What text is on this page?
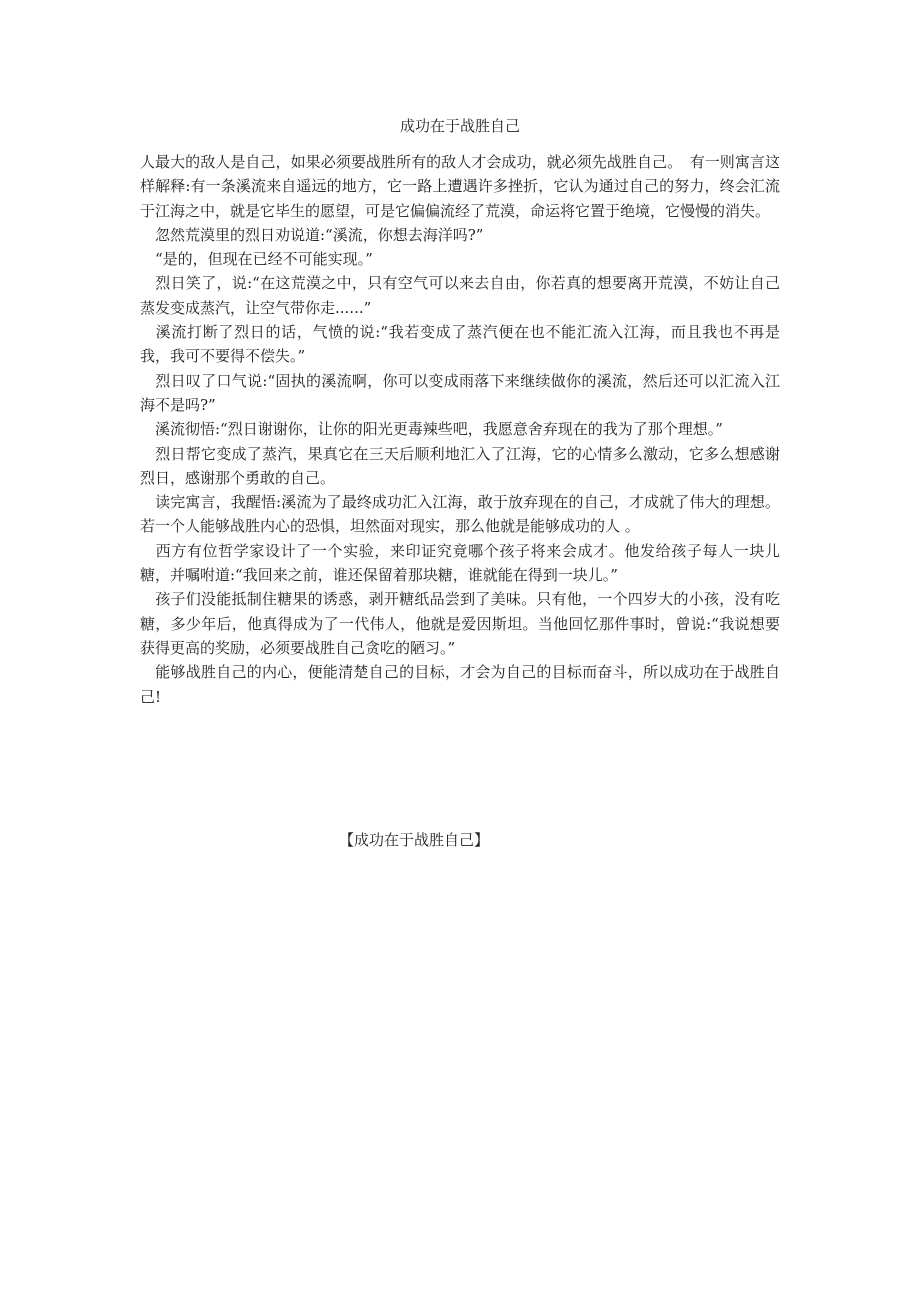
成功在于战胜自己

人最大的敌人是自己，如果必须要战胜所有的敌人才会成功，就必须先战胜自己。　有一则寓言这样解释:有一条溪流来自遥远的地方，它一路上遭遇许多挫折，它认为通过自己的努力，终会汇流于江海之中，就是它毕生的愿望，可是它偏偏流经了荒漠，命运将它置于绝境，它慢慢的消失。

　忽然荒漠里的烈日劝说道:“溪流，你想去海洋吗?”

　“是的，但现在已经不可能实现。”

　烈日笑了，说:“在这荒漠之中，只有空气可以来去自由，你若真的想要离开荒漠，不妨让自己蒸发变成蒸汽，让空气带你走......”

　溪流打断了烈日的话，气愤的说:“我若变成了蒸汽便在也不能汇流入江海，而且我也不再是我，我可不要得不偿失。”

　烈日叹了口气说:“固执的溪流啊，你可以变成雨落下来继续做你的溪流，然后还可以汇流入江海不是吗?”

　溪流彻悟:“烈日谢谢你，让你的阳光更毒辣些吧，我愿意舍弃现在的我为了那个理想。”

　烈日帮它变成了蒸汽，果真它在三天后顺利地汇入了江海，它的心情多么激动，它多么想感谢烈日，感谢那个勇敢的自己。

　读完寓言，我醒悟:溪流为了最终成功汇入江海，敢于放弃现在的自己，才成就了伟大的理想。若一个人能够战胜内心的恐惧，坦然面对现实，那么他就是能够成功的人 。

　西方有位哲学家设计了一个实验，来印证究竟哪个孩子将来会成才。他发给孩子每人一块儿糖，并嘱咐道:“我回来之前，谁还保留着那块糖，谁就能在得到一块儿。”

　孩子们没能抵制住糖果的诱惑，剥开糖纸品尝到了美味。只有他，一个四岁大的小孩，没有吃糖，多少年后，他真得成为了一代伟人，他就是爱因斯坦。当他回忆那件事时，曾说:“我说想要获得更高的奖励，必须要战胜自己贪吃的陋习。”

　能够战胜自己的内心，便能清楚自己的目标，才会为自己的目标而奋斗，所以成功在于战胜自己!

【成功在于战胜自己】
